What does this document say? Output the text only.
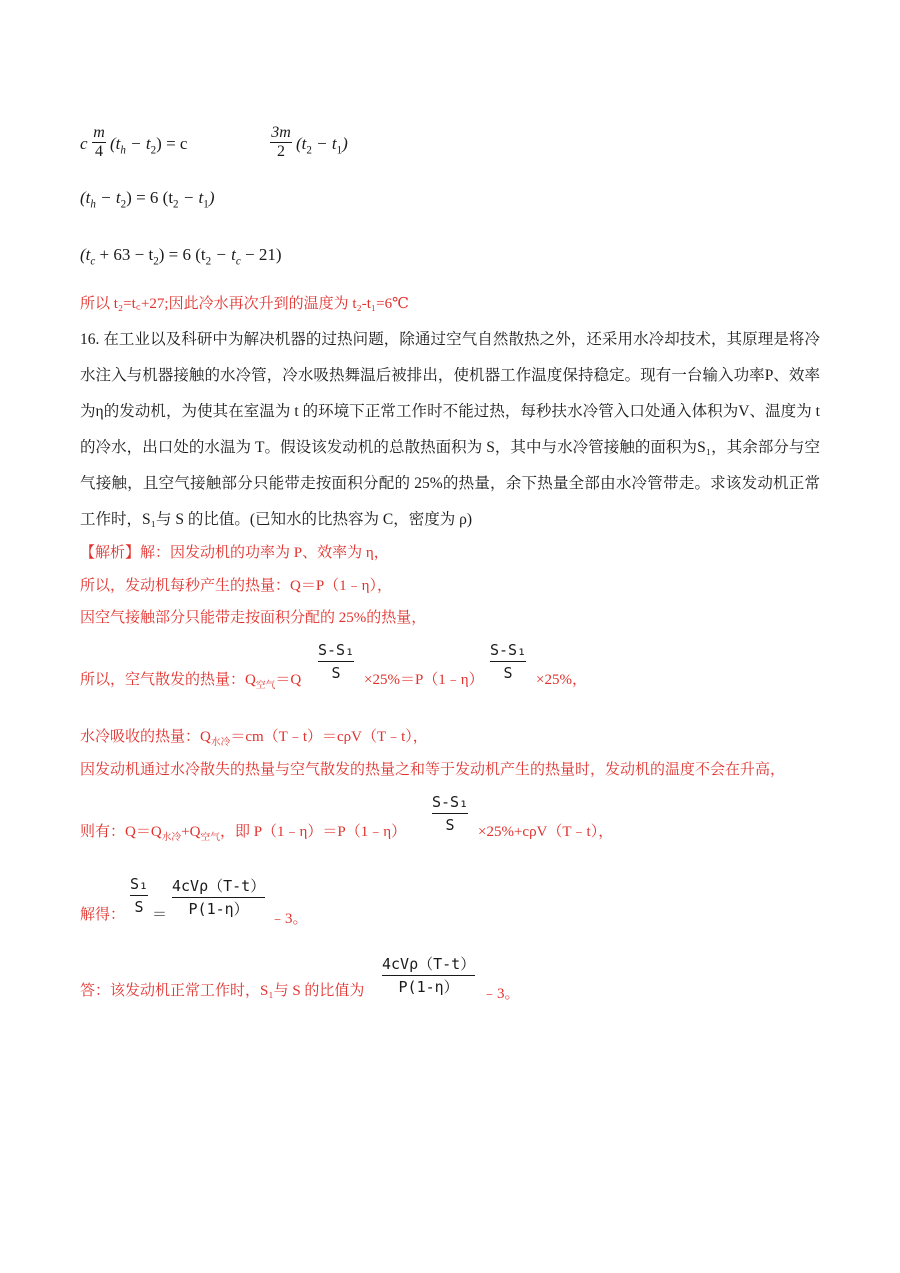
c
m
4 $(t_h - t_2) = c$
3m
2 $(t_2 - t_1)$
$(t_h - t_2) = 6$ $(t_2 - t_1)$
$(t_c + 63 - t_2) = 6$ $(t_2 - t_c - 21)$
所以 t₂=t꜀+27;因此冷水再次升到的温度为 t₂-t₁=6℃
16. 在工业以及科研中为解决机器的过热问题，除通过空气自然散热之外，还采用水冷却技术，其原理是将冷水注入与机器接触的水冷管，冷水吸热舞温后被排出，使机器工作温度保持稳定。现有一台输入功率P、效率为η的发动机，为使其在室温为 t 的环境下正常工作时不能过热，每秒扶水冷管入口处通入体积为V、温度为 t 的冷水，出口处的水温为 T。假设该发动机的总散热面积为 S，其中与水冷管接触的面积为S₁，其余部分与空气接触，且空气接触部分只能带走按面积分配的 25%的热量，余下热量全部由水冷管带走。求该发动机正常工作时，S₁与 S 的比值。(已知水的比热容为 C，密度为 ρ)
【解析】解：因发动机的功率为 P、效率为 η，
所以，发动机每秒产生的热量：Q＝P（1﹣η），
因空气接触部分只能带走按面积分配的 25%的热量，
所以，空气散发的热量：$Q_{空气}=Q$
S-S₁
S ×25%＝P（1﹣η）
S-S₁
S ×25%，
水冷吸收的热量：$Q_{水冷}=cm(T﹣t)=c\rho V(T﹣t)$，
因发动机通过水冷散失的热量与空气散发的热量之和等于发动机产生的热量时，发动机的温度不会在升高，
则有：$Q=Q_{水冷}+Q_{空气}$，即 P（1﹣η）＝P（1﹣η）
S-S₁
S ×25%+cρV（T﹣t），
解得：
S₁
S ＝
4cVρ（T-t）
P(1-η）
﹣3。
答：该发动机正常工作时，S₁与 S 的比值为
4cVρ（T-t）
P(1-η） ﹣3。
